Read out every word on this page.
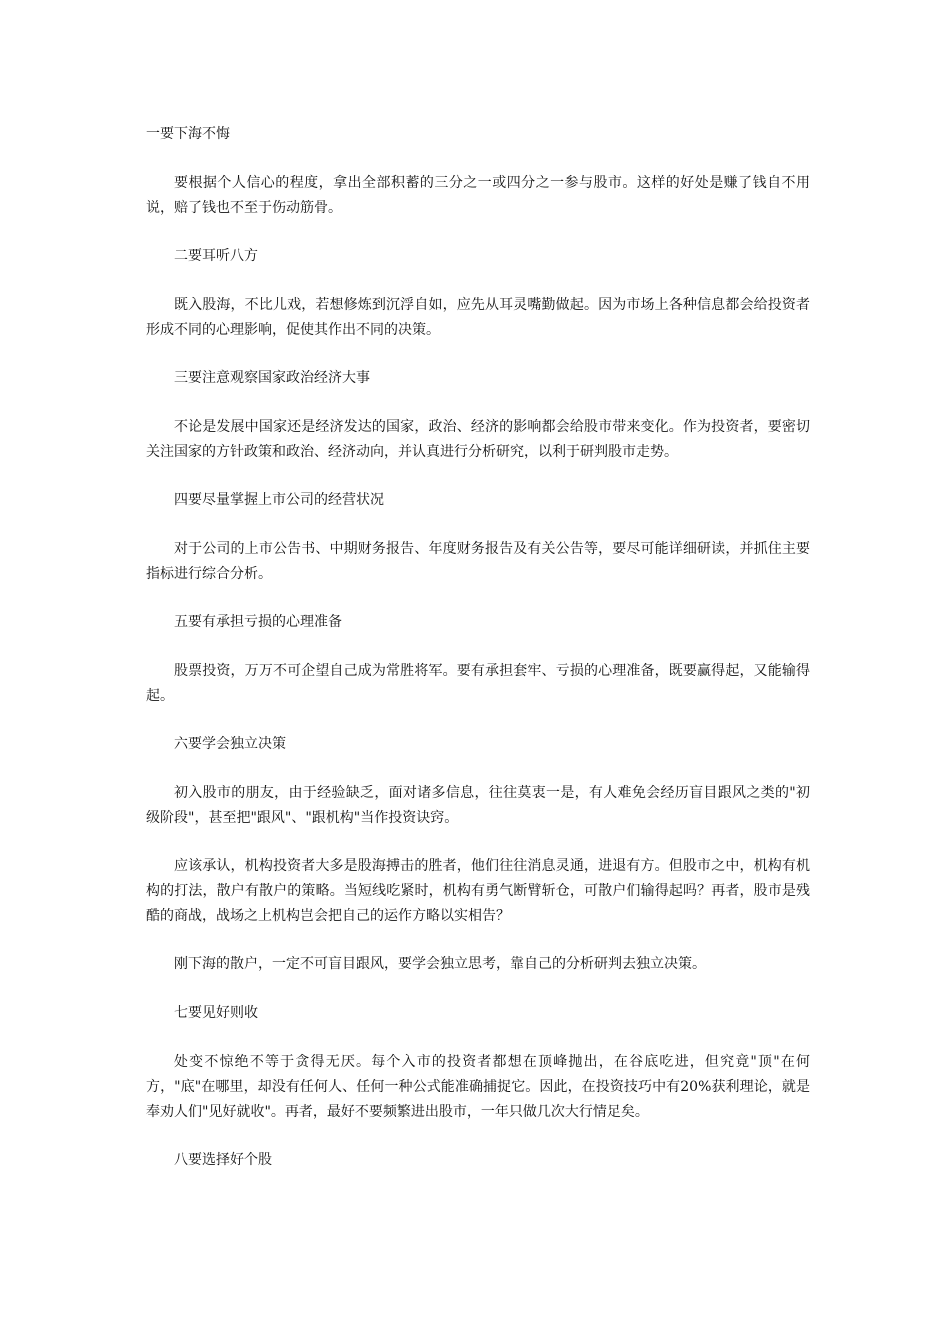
一要下海不悔

要根据个人信心的程度，拿出全部积蓄的三分之一或四分之一参与股市。这样的好处是赚了钱自不用说，赔了钱也不至于伤动筋骨。

二要耳听八方

既入股海，不比儿戏，若想修炼到沉浮自如，应先从耳灵嘴勤做起。因为市场上各种信息都会给投资者形成不同的心理影响，促使其作出不同的决策。

三要注意观察国家政治经济大事

不论是发展中国家还是经济发达的国家，政治、经济的影响都会给股市带来变化。作为投资者，要密切关注国家的方针政策和政治、经济动向，并认真进行分析研究，以利于研判股市走势。

四要尽量掌握上市公司的经营状况

对于公司的上市公告书、中期财务报告、年度财务报告及有关公告等，要尽可能详细研读，并抓住主要指标进行综合分析。

五要有承担亏损的心理准备

股票投资，万万不可企望自己成为常胜将军。要有承担套牢、亏损的心理准备，既要赢得起，又能输得起。

六要学会独立决策

初入股市的朋友，由于经验缺乏，面对诸多信息，往往莫衷一是，有人难免会经历盲目跟风之类的"初级阶段"，甚至把"跟风"、"跟机构"当作投资诀窍。

应该承认，机构投资者大多是股海搏击的胜者，他们往往消息灵通，进退有方。但股市之中，机构有机构的打法，散户有散户的策略。当短线吃紧时，机构有勇气断臂斩仓，可散户们输得起吗？再者，股市是残酷的商战，战场之上机构岂会把自己的运作方略以实相告？

刚下海的散户，一定不可盲目跟风，要学会独立思考，靠自己的分析研判去独立决策。

七要见好则收

处变不惊绝不等于贪得无厌。每个入市的投资者都想在顶峰抛出，在谷底吃进，但究竟"顶"在何方，"底"在哪里，却没有任何人、任何一种公式能准确捕捉它。因此，在投资技巧中有20%获利理论，就是奉劝人们"见好就收"。再者，最好不要频繁进出股市，一年只做几次大行情足矣。

八要选择好个股
